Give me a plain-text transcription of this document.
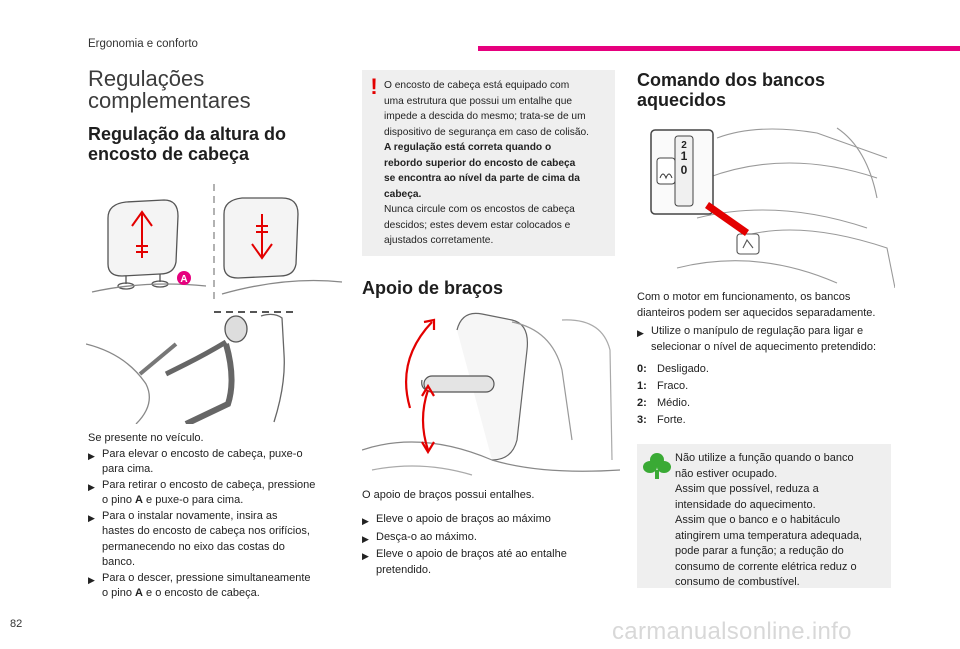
Ergonomia e conforto
Regulações
complementares
Regulação da altura do
encosto de cabeça
A
Se presente no veículo.
▶ Para elevar o encosto de cabeça, puxe-o
para cima.
▶ Para retirar o encosto de cabeça, pressione
o pino A e puxe-o para cima.
▶ Para o instalar novamente, insira as
hastes do encosto de cabeça nos orifícios,
permanecendo no eixo das costas do
banco.
▶ Para o descer, pressione simultaneamente
o pino A e o encosto de cabeça.
! O encosto de cabeça está equipado com
uma estrutura que possui um entalhe que
impede a descida do mesmo; trata-se de um
dispositivo de segurança em caso de colisão.
A regulação está correta quando o
rebordo superior do encosto de cabeça
se encontra ao nível da parte de cima da
cabeça.
Nunca circule com os encostos de cabeça
descidos; estes devem estar colocados e
ajustados corretamente.
Apoio de braços
O apoio de braços possui entalhes.
▶ Eleve o apoio de braços ao máximo
▶ Desça-o ao máximo.
▶ Eleve o apoio de braços até ao entalhe
pretendido.
Comando dos bancos
aquecidos
2
1
0
Com o motor em funcionamento, os bancos
dianteiros podem ser aquecidos separadamente.
▶ Utilize o manípulo de regulação para ligar e
selecionar o nível de aquecimento pretendido:
0: Desligado.
1: Fraco.
2: Médio.
3: Forte.
Não utilize a função quando o banco
não estiver ocupado.
Assim que possível, reduza a
intensidade do aquecimento.
Assim que o banco e o habitáculo
atingirem uma temperatura adequada,
pode parar a função; a redução do
consumo de corrente elétrica reduz o
consumo de combustível.
82	carmanualsonline.info
